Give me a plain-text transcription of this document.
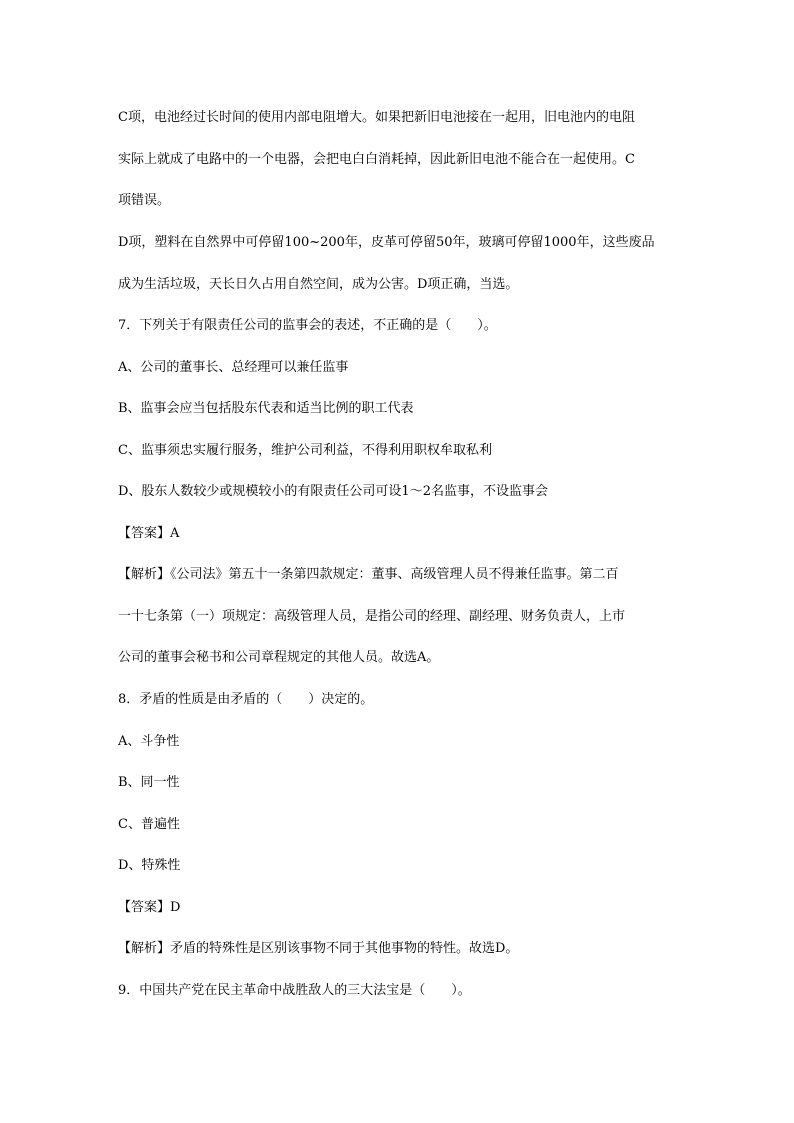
C项，电池经过长时间的使用内部电阻增大。如果把新旧电池接在一起用，旧电池内的电阻
实际上就成了电路中的一个电器，会把电白白消耗掉，因此新旧电池不能合在一起使用。C
项错误。
D项，塑料在自然界中可停留100~200年，皮革可停留50年，玻璃可停留1000年，这些废品
成为生活垃圾，天长日久占用自然空间，成为公害。D项正确，当选。
7．下列关于有限责任公司的监事会的表述，不正确的是（　　）。
A、公司的董事长、总经理可以兼任监事
B、监事会应当包括股东代表和适当比例的职工代表
C、监事须忠实履行服务，维护公司利益，不得利用职权牟取私利
D、股东人数较少或规模较小的有限责任公司可设1～2名监事，不设监事会
【答案】A
【解析】《公司法》第五十一条第四款规定：董事、高级管理人员不得兼任监事。第二百
一十七条第（一）项规定：高级管理人员，是指公司的经理、副经理、财务负责人，上市
公司的董事会秘书和公司章程规定的其他人员。故选A。
8．矛盾的性质是由矛盾的（　　）决定的。
A、斗争性
B、同一性
C、普遍性
D、特殊性
【答案】D
【解析】矛盾的特殊性是区别该事物不同于其他事物的特性。故选D。
9．中国共产党在民主革命中战胜敌人的三大法宝是（　　）。
